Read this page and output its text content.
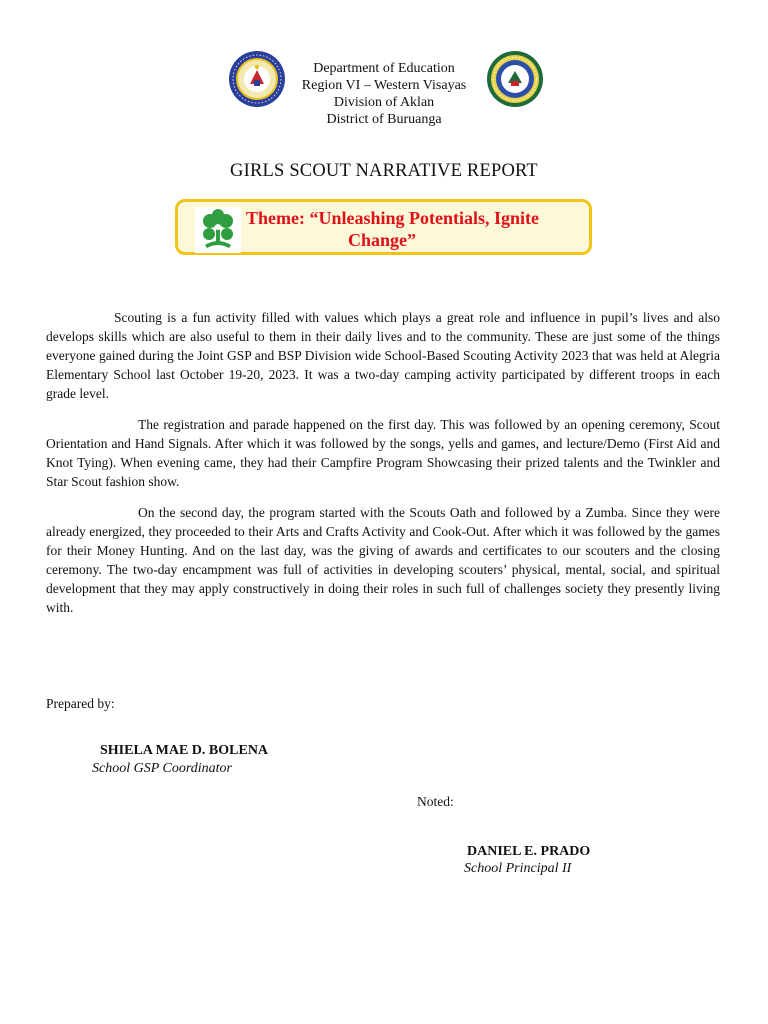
Department of Education
Region VI – Western Visayas
Division of Aklan
District of Buruanga
GIRLS SCOUT NARRATIVE REPORT
Theme: “Unleashing Potentials, Ignite
Change”

Scouting is a fun activity filled with values which plays a great role and influence in pupil’s lives and also develops skills which are also useful to them in their daily lives and to the community. These are just some of the things everyone gained during the Joint GSP and BSP Division wide School-Based Scouting Activity 2023 that was held at Alegria Elementary School last October 19-20, 2023. It was a two-day camping activity participated by different troops in each grade level.

The registration and parade happened on the first day. This was followed by an opening ceremony, Scout Orientation and Hand Signals. After which it was followed by the songs, yells and games, and lecture/Demo (First Aid and Knot Tying). When evening came, they had their Campfire Program Showcasing their prized talents and the Twinkler and Star Scout fashion show.

On the second day, the program started with the Scouts Oath and followed by a Zumba. Since they were already energized, they proceeded to their Arts and Crafts Activity and Cook-Out. After which it was followed by the games for their Money Hunting. And on the last day, was the giving of awards and certificates to our scouters and the closing ceremony. The two-day encampment was full of activities in developing scouters’ physical, mental, social, and spiritual development that they may apply constructively in doing their roles in such full of challenges society they presently living with.

Prepared by:
SHIELA MAE D. BOLENA
School GSP Coordinator
Noted:
DANIEL E. PRADO
School Principal II
